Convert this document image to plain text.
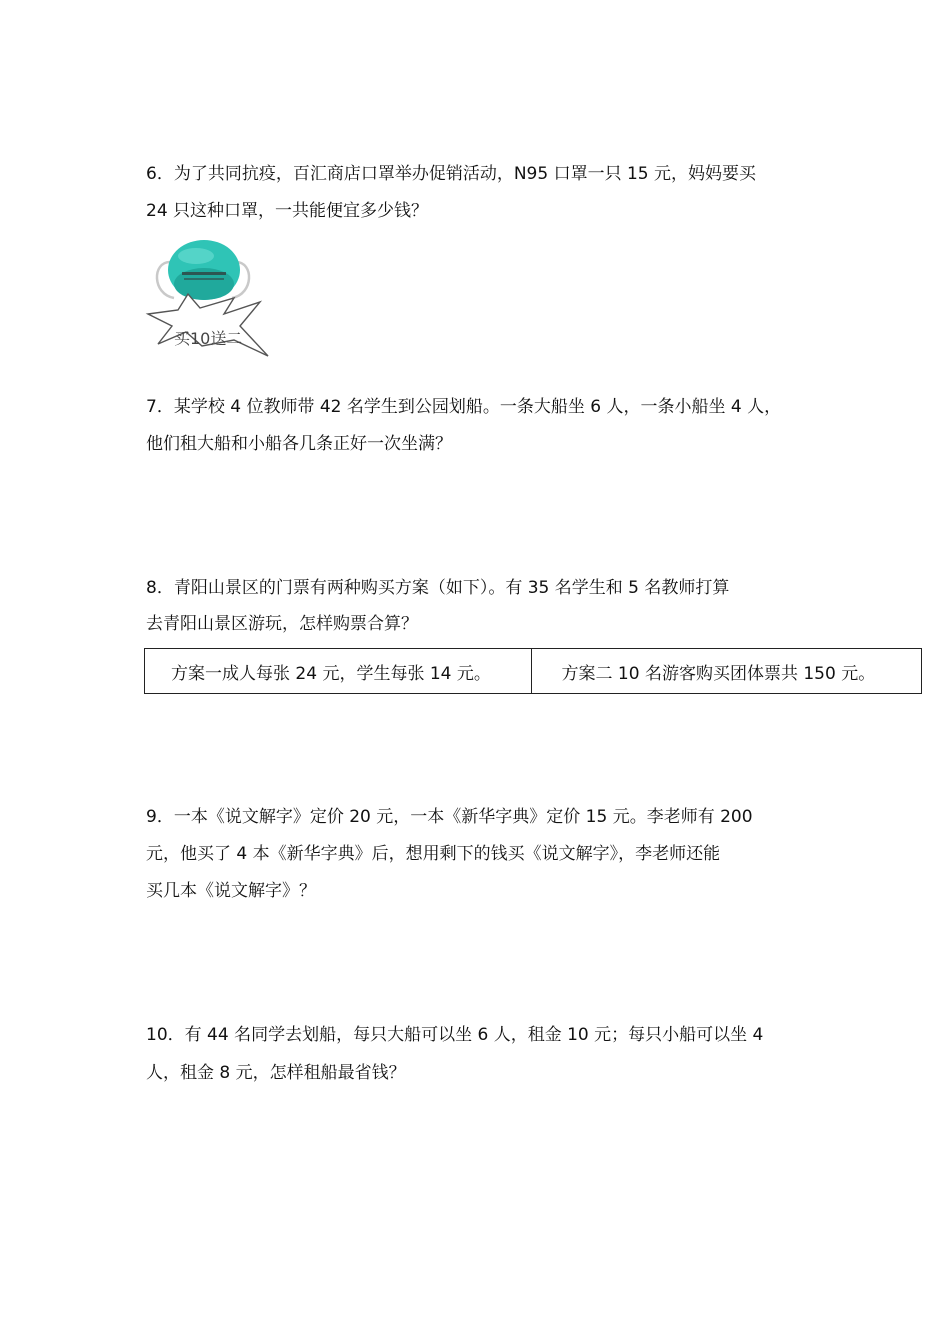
6．为了共同抗疫，百汇商店口罩举办促销活动，N95 口罩一只 15 元，妈妈要买
24 只这种口罩，一共能便宜多少钱？
买10送二
7．某学校 4 位教师带 42 名学生到公园划船。一条大船坐 6 人，一条小船坐 4 人，
他们租大船和小船各几条正好一次坐满？
8．青阳山景区的门票有两种购买方案（如下）。有 35 名学生和 5 名教师打算
去青阳山景区游玩，怎样购票合算？
方案一成人每张 24 元，学生每张 14 元。	方案二 10 名游客购买团体票共 150 元。
9．一本《说文解字》定价 20 元，一本《新华字典》定价 15 元。李老师有 200
元，他买了 4 本《新华字典》后，想用剩下的钱买《说文解字》，李老师还能
买几本《说文解字》？
10．有 44 名同学去划船，每只大船可以坐 6 人，租金 10 元；每只小船可以坐 4
人，租金 8 元，怎样租船最省钱？
